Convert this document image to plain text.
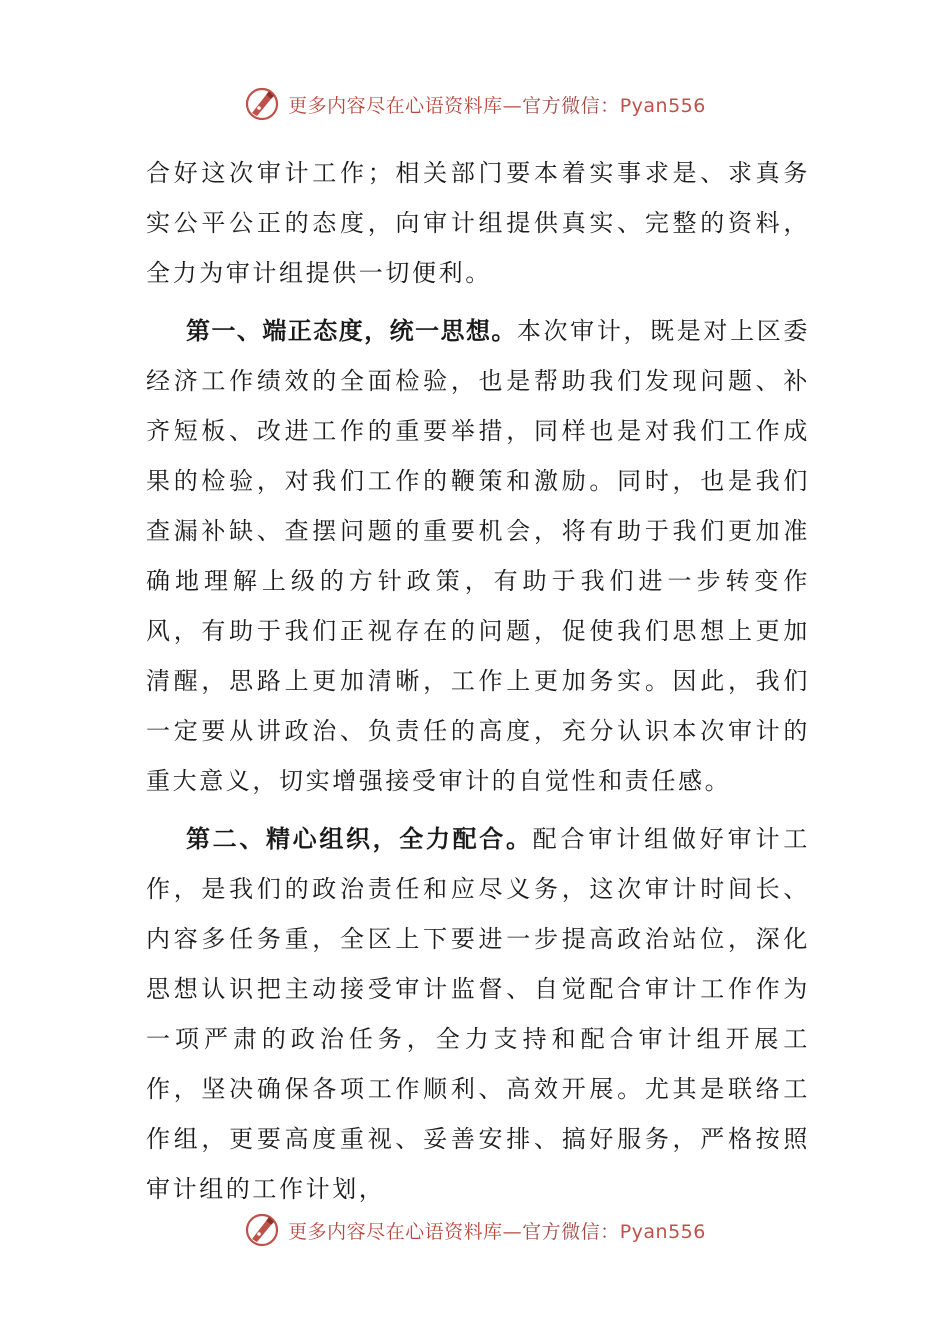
更多内容尽在心语资料库—官方微信：Pyan556

合好这次审计工作；相关部门要本着实事求是、求真务实公平公正的态度，向审计组提供真实、完整的资料，全力为审计组提供一切便利。

第一、端正态度，统一思想。本次审计，既是对上区委经济工作绩效的全面检验，也是帮助我们发现问题、补齐短板、改进工作的重要举措，同样也是对我们工作成果的检验，对我们工作的鞭策和激励。同时，也是我们查漏补缺、查摆问题的重要机会，将有助于我们更加准确地理解上级的方针政策，有助于我们进一步转变作风，有助于我们正视存在的问题，促使我们思想上更加清醒，思路上更加清晰，工作上更加务实。因此，我们一定要从讲政治、负责任的高度，充分认识本次审计的重大意义，切实增强接受审计的自觉性和责任感。

第二、精心组织，全力配合。配合审计组做好审计工作，是我们的政治责任和应尽义务，这次审计时间长、内容多任务重，全区上下要进一步提高政治站位，深化思想认识把主动接受审计监督、自觉配合审计工作作为一项严肃的政治任务，全力支持和配合审计组开展工作，坚决确保各项工作顺利、高效开展。尤其是联络工作组，更要高度重视、妥善安排、搞好服务，严格按照审计组的工作计划，

更多内容尽在心语资料库—官方微信：Pyan556
